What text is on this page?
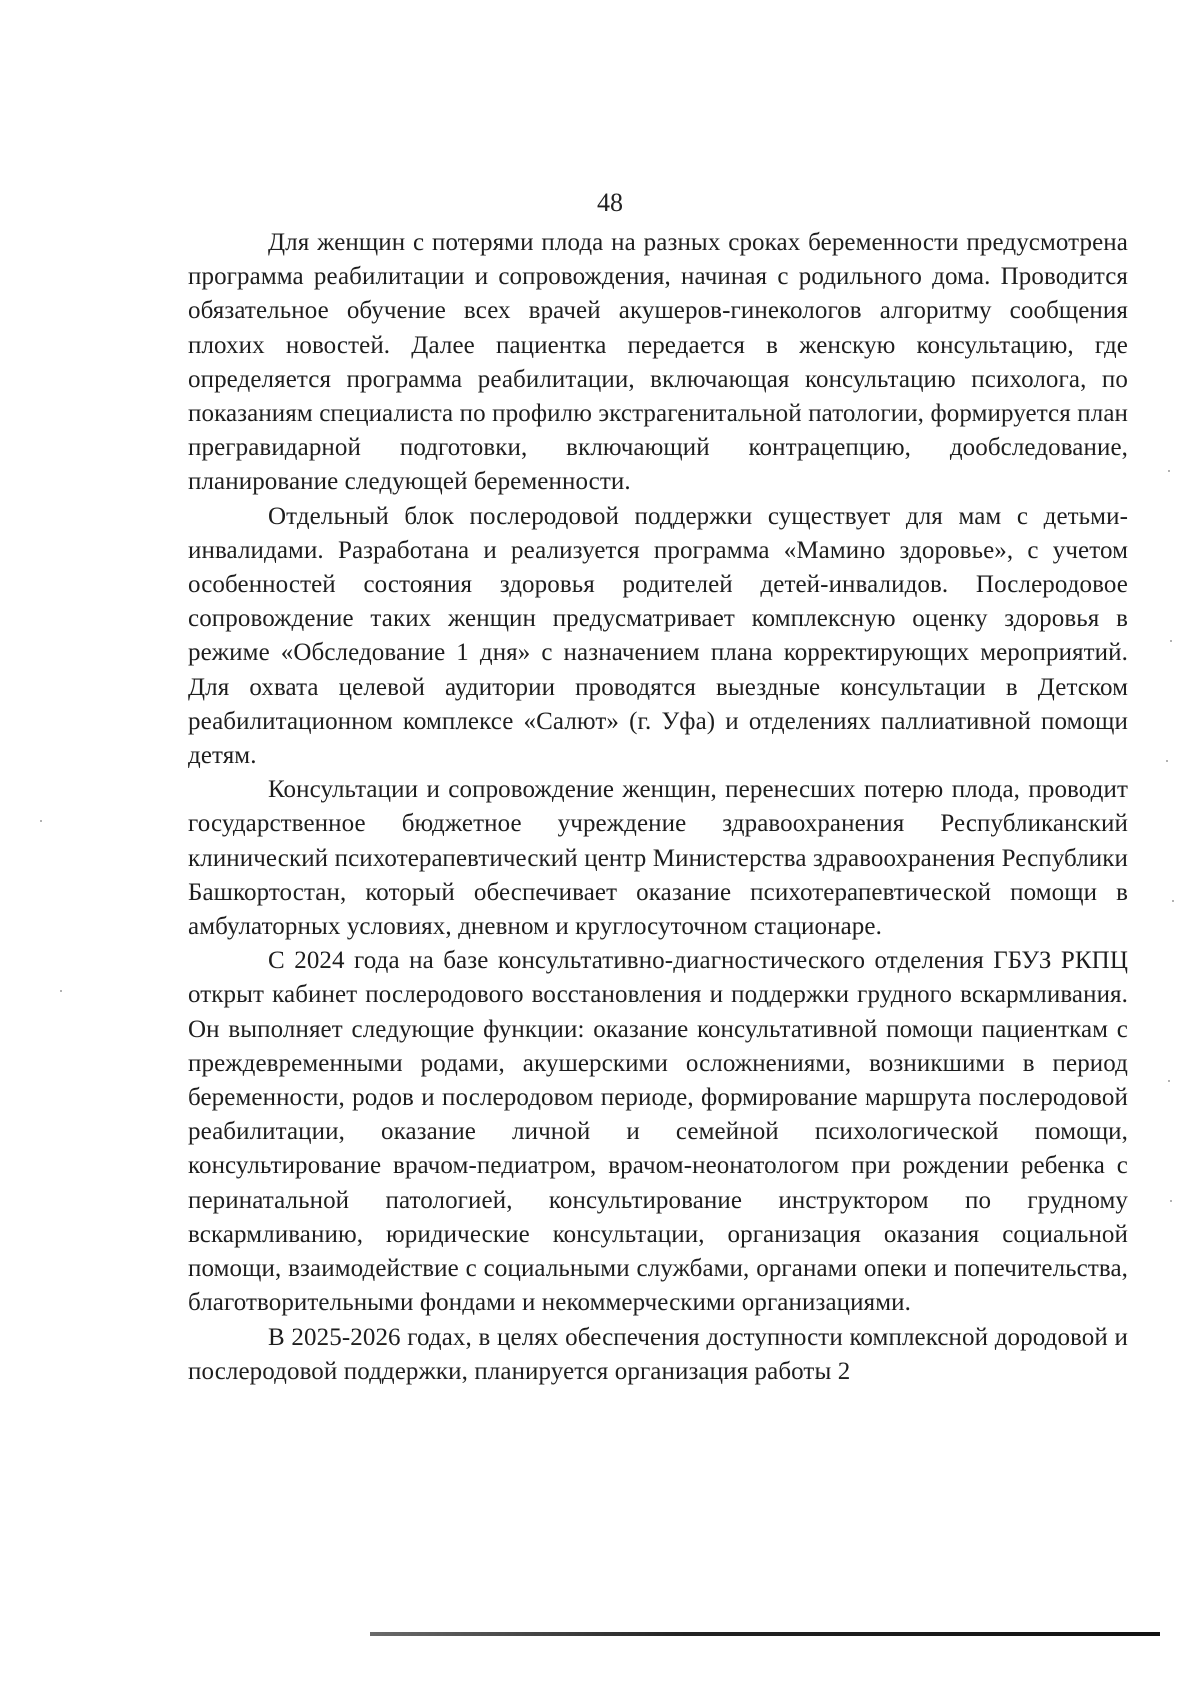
48

Для женщин с потерями плода на разных сроках беременности предусмотрена программа реабилитации и сопровождения, начиная с родильного дома. Проводится обязательное обучение всех врачей акушеров-гинекологов алгоритму сообщения плохих новостей. Далее пациентка передается в женскую консультацию, где определяется программа реабилитации, включающая консультацию психолога, по показаниям специалиста по профилю экстрагенитальной патологии, формируется план прегравидарной подготовки, включающий контрацепцию, дообследование, планирование следующей беременности.

Отдельный блок послеродовой поддержки существует для мам с детьми-инвалидами. Разработана и реализуется программа «Мамино здоровье», с учетом особенностей состояния здоровья родителей детей-инвалидов. Послеродовое сопровождение таких женщин предусматривает комплексную оценку здоровья в режиме «Обследование 1 дня» с назначением плана корректирующих мероприятий. Для охвата целевой аудитории проводятся выездные консультации в Детском реабилитационном комплексе «Салют» (г. Уфа) и отделениях паллиативной помощи детям.

Консультации и сопровождение женщин, перенесших потерю плода, проводит государственное бюджетное учреждение здравоохранения Республиканский клинический психотерапевтический центр Министерства здравоохранения Республики Башкортостан, который обеспечивает оказание психотерапевтической помощи в амбулаторных условиях, дневном и круглосуточном стационаре.

С 2024 года на базе консультативно-диагностического отделения ГБУЗ РКПЦ открыт кабинет послеродового восстановления и поддержки грудного вскармливания. Он выполняет следующие функции: оказание консультативной помощи пациенткам с преждевременными родами, акушерскими осложнениями, возникшими в период беременности, родов и послеродовом периоде, формирование маршрута послеродовой реабилитации, оказание личной и семейной психологической помощи, консультирование врачом-педиатром, врачом-неонатологом при рождении ребенка с перинатальной патологией, консультирование инструктором по грудному вскармливанию, юридические консультации, организация оказания социальной помощи, взаимодействие с социальными службами, органами опеки и попечительства, благотворительными фондами и некоммерческими организациями.

В 2025-2026 годах, в целях обеспечения доступности комплексной дородовой и послеродовой поддержки, планируется организация работы 2
